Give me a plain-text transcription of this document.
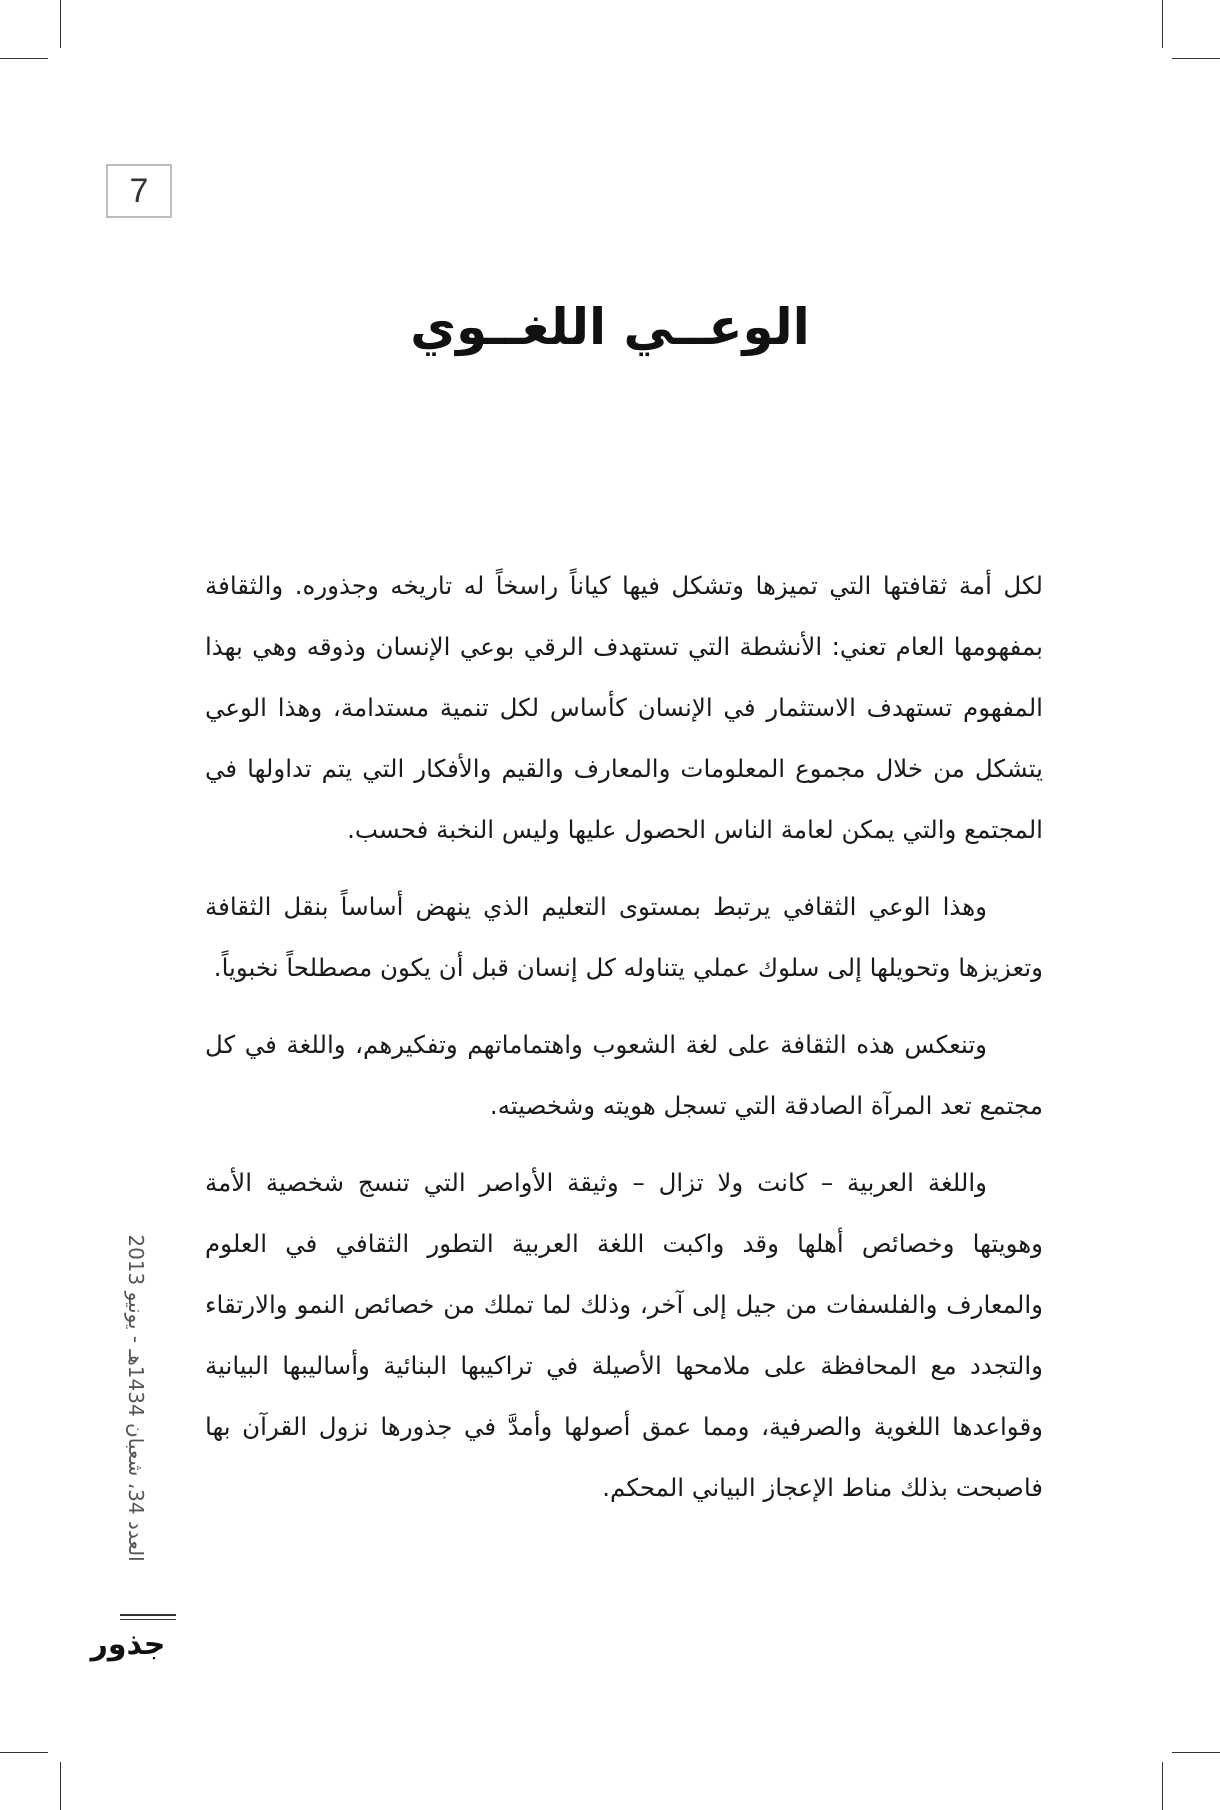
7
الوعــي اللغــوي

لكل أمة ثقافتها التي تميزها وتشكل فيها كياناً راسخاً له تاريخه وجذوره. والثقافة بمفهومها العام تعني: الأنشطة التي تستهدف الرقي بوعي الإنسان وذوقه وهي بهذا المفهوم تستهدف الاستثمار في الإنسان كأساس لكل تنمية مستدامة، وهذا الوعي يتشكل من خلال مجموع المعلومات والمعارف والقيم والأفكار التي يتم تداولها في المجتمع والتي يمكن لعامة الناس الحصول عليها وليس النخبة فحسب.

وهذا الوعي الثقافي يرتبط بمستوى التعليم الذي ينهض أساساً بنقل الثقافة وتعزيزها وتحويلها إلى سلوك عملي يتناوله كل إنسان قبل أن يكون مصطلحاً نخبوياً.

وتنعكس هذه الثقافة على لغة الشعوب واهتماماتهم وتفكيرهم، واللغة في كل مجتمع تعد المرآة الصادقة التي تسجل هويته وشخصيته.

واللغة العربية – كانت ولا تزال – وثيقة الأواصر التي تنسج شخصية الأمة وهويتها وخصائص أهلها وقد واكبت اللغة العربية التطور الثقافي في العلوم والمعارف والفلسفات من جيل إلى آخر، وذلك لما تملك من خصائص النمو والارتقاء والتجدد مع المحافظة على ملامحها الأصيلة في تراكيبها البنائية وأساليبها البيانية وقواعدها اللغوية والصرفية، ومما عمق أصولها وأمدَّ في جذورها نزول القرآن بها فاصبحت بذلك مناط الإعجاز البياني المحكم.

العدد 34، شعبان 1434هـ - يونيو 2013
جذور
